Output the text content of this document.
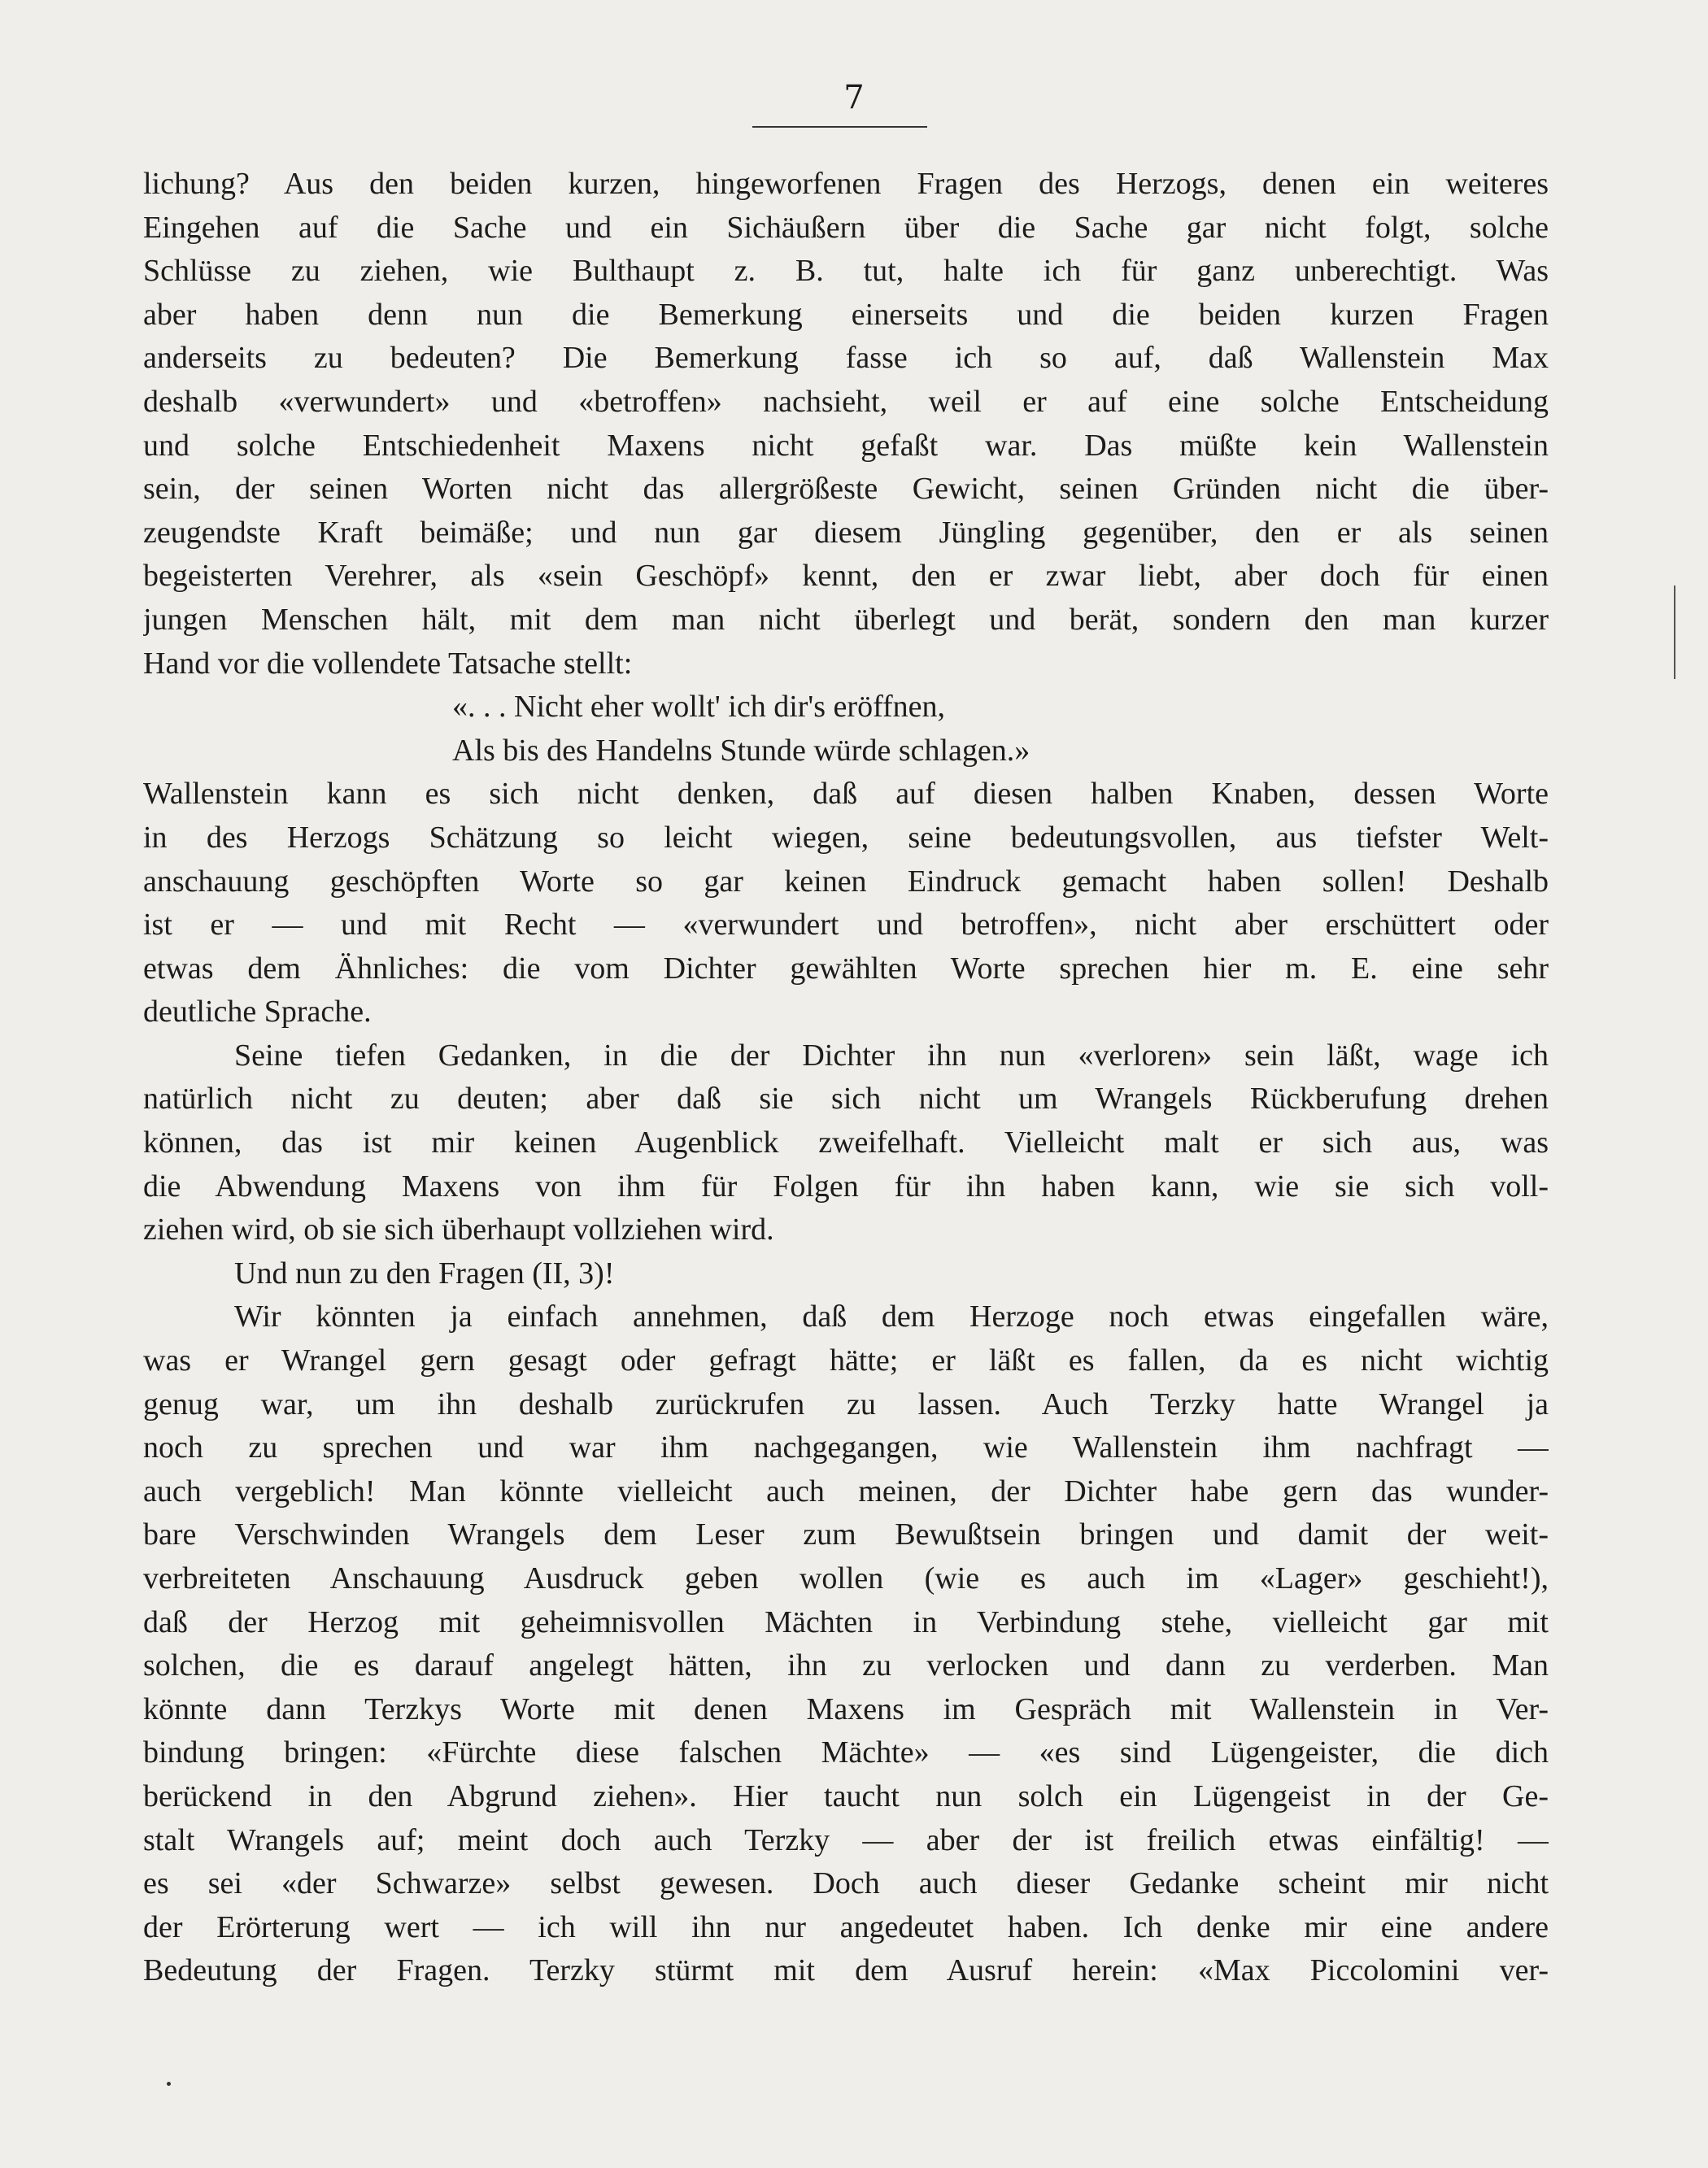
7
lichung? Aus den beiden kurzen, hingeworfenen Fragen des Herzogs, denen ein weiteres
Eingehen auf die Sache und ein Sichäußern über die Sache gar nicht folgt, solche
Schlüsse zu ziehen, wie Bulthaupt z. B. tut, halte ich für ganz unberechtigt. Was
aber haben denn nun die Bemerkung einerseits und die beiden kurzen Fragen
anderseits zu bedeuten? Die Bemerkung fasse ich so auf, daß Wallenstein Max
deshalb «verwundert» und «betroffen» nachsieht, weil er auf eine solche Entscheidung
und solche Entschiedenheit Maxens nicht gefaßt war. Das müßte kein Wallenstein
sein, der seinen Worten nicht das allergrößeste Gewicht, seinen Gründen nicht die über-
zeugendste Kraft beimäße; und nun gar diesem Jüngling gegenüber, den er als seinen
begeisterten Verehrer, als «sein Geschöpf» kennt, den er zwar liebt, aber doch für einen
jungen Menschen hält, mit dem man nicht überlegt und berät, sondern den man kurzer
Hand vor die vollendete Tatsache stellt:
«. . . Nicht eher wollt' ich dir's eröffnen,
Als bis des Handelns Stunde würde schlagen.»
Wallenstein kann es sich nicht denken, daß auf diesen halben Knaben, dessen Worte
in des Herzogs Schätzung so leicht wiegen, seine bedeutungsvollen, aus tiefster Welt-
anschauung geschöpften Worte so gar keinen Eindruck gemacht haben sollen! Deshalb
ist er — und mit Recht — «verwundert und betroffen», nicht aber erschüttert oder
etwas dem Ähnliches: die vom Dichter gewählten Worte sprechen hier m. E. eine sehr
deutliche Sprache.
Seine tiefen Gedanken, in die der Dichter ihn nun «verloren» sein läßt, wage ich
natürlich nicht zu deuten; aber daß sie sich nicht um Wrangels Rückberufung drehen
können, das ist mir keinen Augenblick zweifelhaft. Vielleicht malt er sich aus, was
die Abwendung Maxens von ihm für Folgen für ihn haben kann, wie sie sich voll-
ziehen wird, ob sie sich überhaupt vollziehen wird.
Und nun zu den Fragen (II, 3)!
Wir könnten ja einfach annehmen, daß dem Herzoge noch etwas eingefallen wäre,
was er Wrangel gern gesagt oder gefragt hätte; er läßt es fallen, da es nicht wichtig
genug war, um ihn deshalb zurückrufen zu lassen. Auch Terzky hatte Wrangel ja
noch zu sprechen und war ihm nachgegangen, wie Wallenstein ihm nachfragt —
auch vergeblich! Man könnte vielleicht auch meinen, der Dichter habe gern das wunder-
bare Verschwinden Wrangels dem Leser zum Bewußtsein bringen und damit der weit-
verbreiteten Anschauung Ausdruck geben wollen (wie es auch im «Lager» geschieht!),
daß der Herzog mit geheimnisvollen Mächten in Verbindung stehe, vielleicht gar mit
solchen, die es darauf angelegt hätten, ihn zu verlocken und dann zu verderben. Man
könnte dann Terzkys Worte mit denen Maxens im Gespräch mit Wallenstein in Ver-
bindung bringen: «Fürchte diese falschen Mächte» — «es sind Lügengeister, die dich
berückend in den Abgrund ziehen». Hier taucht nun solch ein Lügengeist in der Ge-
stalt Wrangels auf; meint doch auch Terzky — aber der ist freilich etwas einfältig! —
es sei «der Schwarze» selbst gewesen. Doch auch dieser Gedanke scheint mir nicht
der Erörterung wert — ich will ihn nur angedeutet haben. Ich denke mir eine andere
Bedeutung der Fragen. Terzky stürmt mit dem Ausruf herein: «Max Piccolomini ver-
